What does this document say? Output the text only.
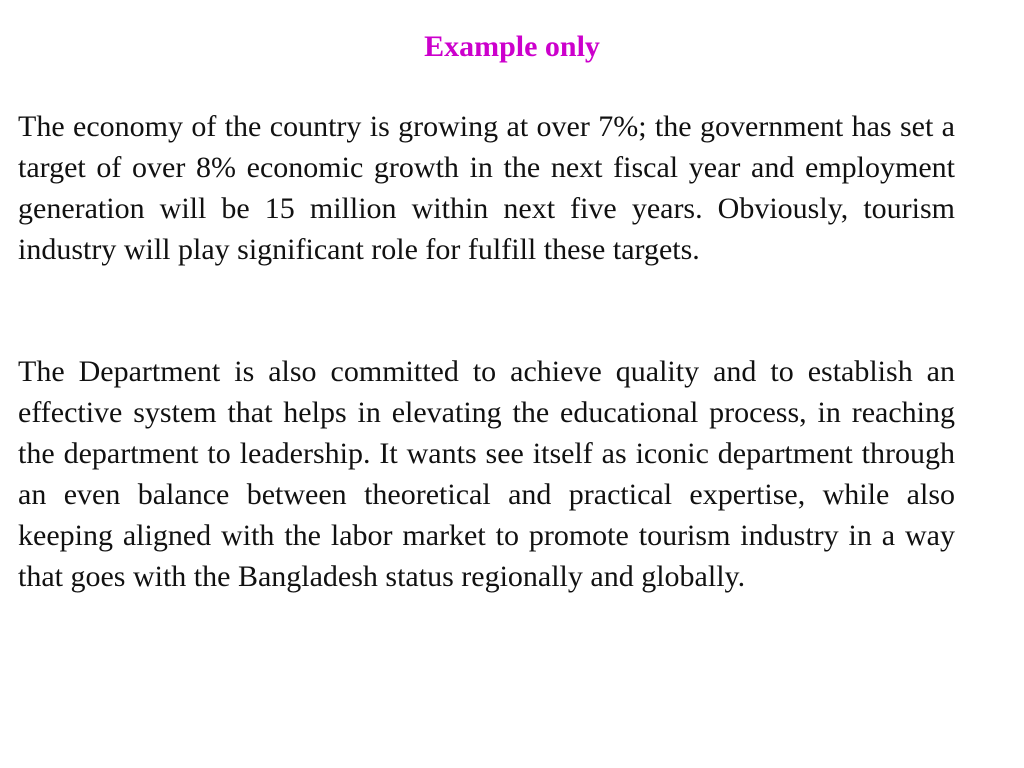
Example only

The economy of the country is growing at over 7%; the government has set a target of over 8% economic growth in the next fiscal year and employment generation will be 15 million within next five years. Obviously, tourism industry will play significant role for fulfill these targets.

The Department is also committed to achieve quality and to establish an effective system that helps in elevating the educational process, in reaching the department to leadership. It wants see itself as iconic department through an even balance between theoretical and practical expertise, while also keeping aligned with the labor market to promote tourism industry in a way that goes with the Bangladesh status regionally and globally.
